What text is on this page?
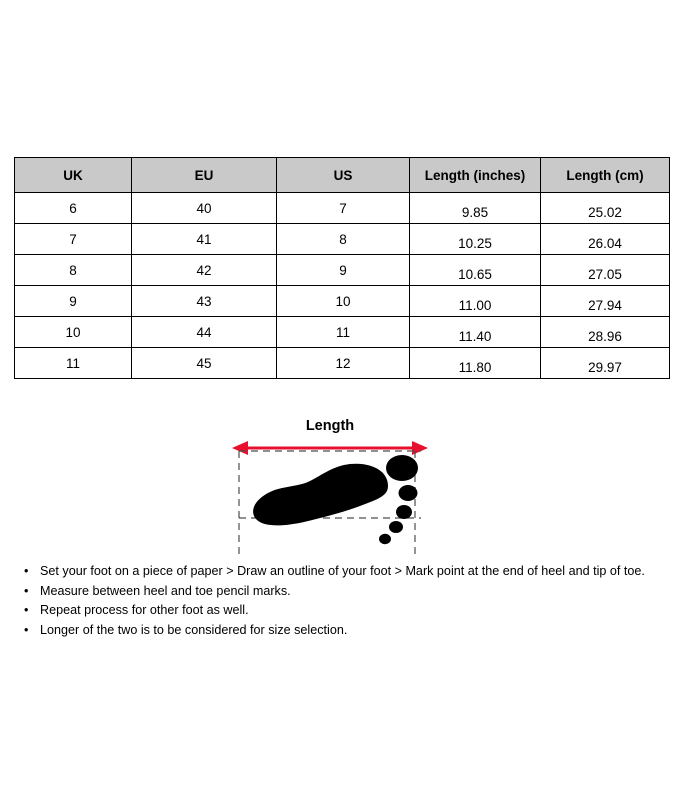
UK	EU	US	Length (inches)	Length (cm)
6	40	7	9.85	25.02
7	41	8	10.25	26.04
8	42	9	10.65	27.05
9	43	10	11.00	27.94
10	44	11	11.40	28.96
11	45	12	11.80	29.97
Length
• Set your foot on a piece of paper > Draw an outline of your foot > Mark point at the end of heel and tip of toe.
• Measure between heel and toe pencil marks.
• Repeat process for other foot as well.
• Longer of the two is to be considered for size selection.
